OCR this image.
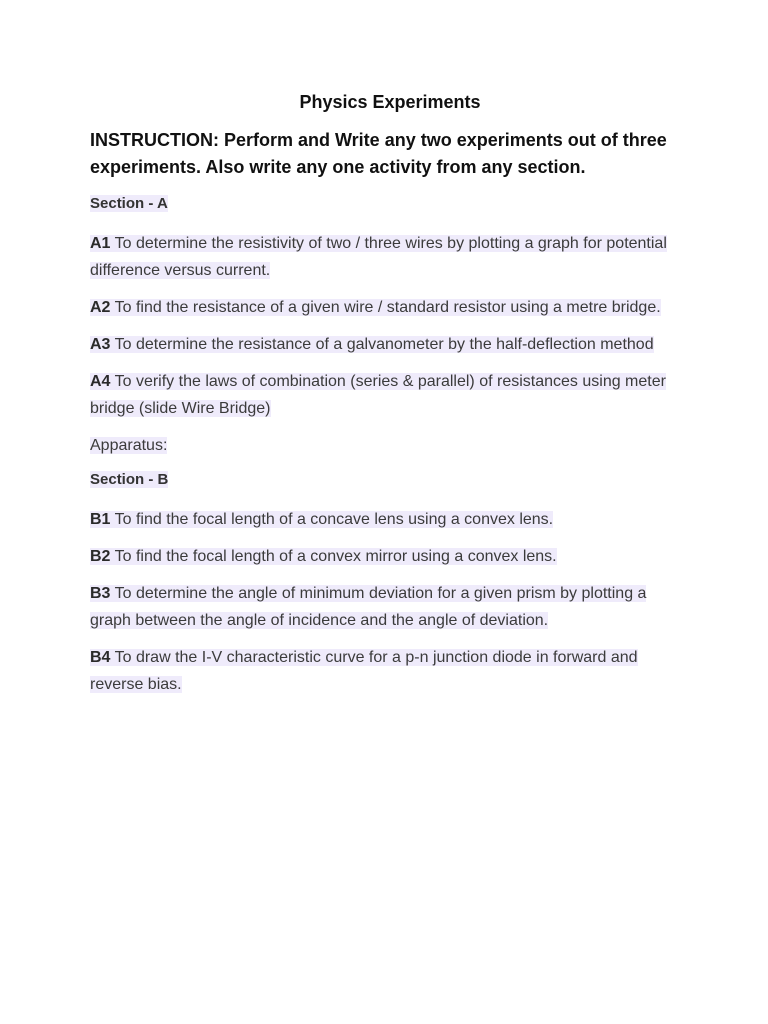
Physics Experiments

INSTRUCTION: Perform and Write any two experiments out of three experiments. Also write any one activity from any section.

Section - A

A1 To determine the resistivity of two / three wires by plotting a graph for potential difference versus current.

A2 To find the resistance of a given wire / standard resistor using a metre bridge.

A3 To determine the resistance of a galvanometer by the half-deflection method

A4 To verify the laws of combination (series & parallel) of resistances using meter bridge (slide Wire Bridge)

Apparatus:

Section - B

B1 To find the focal length of a concave lens using a convex lens.

B2 To find the focal length of a convex mirror using a convex lens.

B3 To determine the angle of minimum deviation for a given prism by plotting a graph between the angle of incidence and the angle of deviation.

B4 To draw the I-V characteristic curve for a p-n junction diode in forward and reverse bias.
